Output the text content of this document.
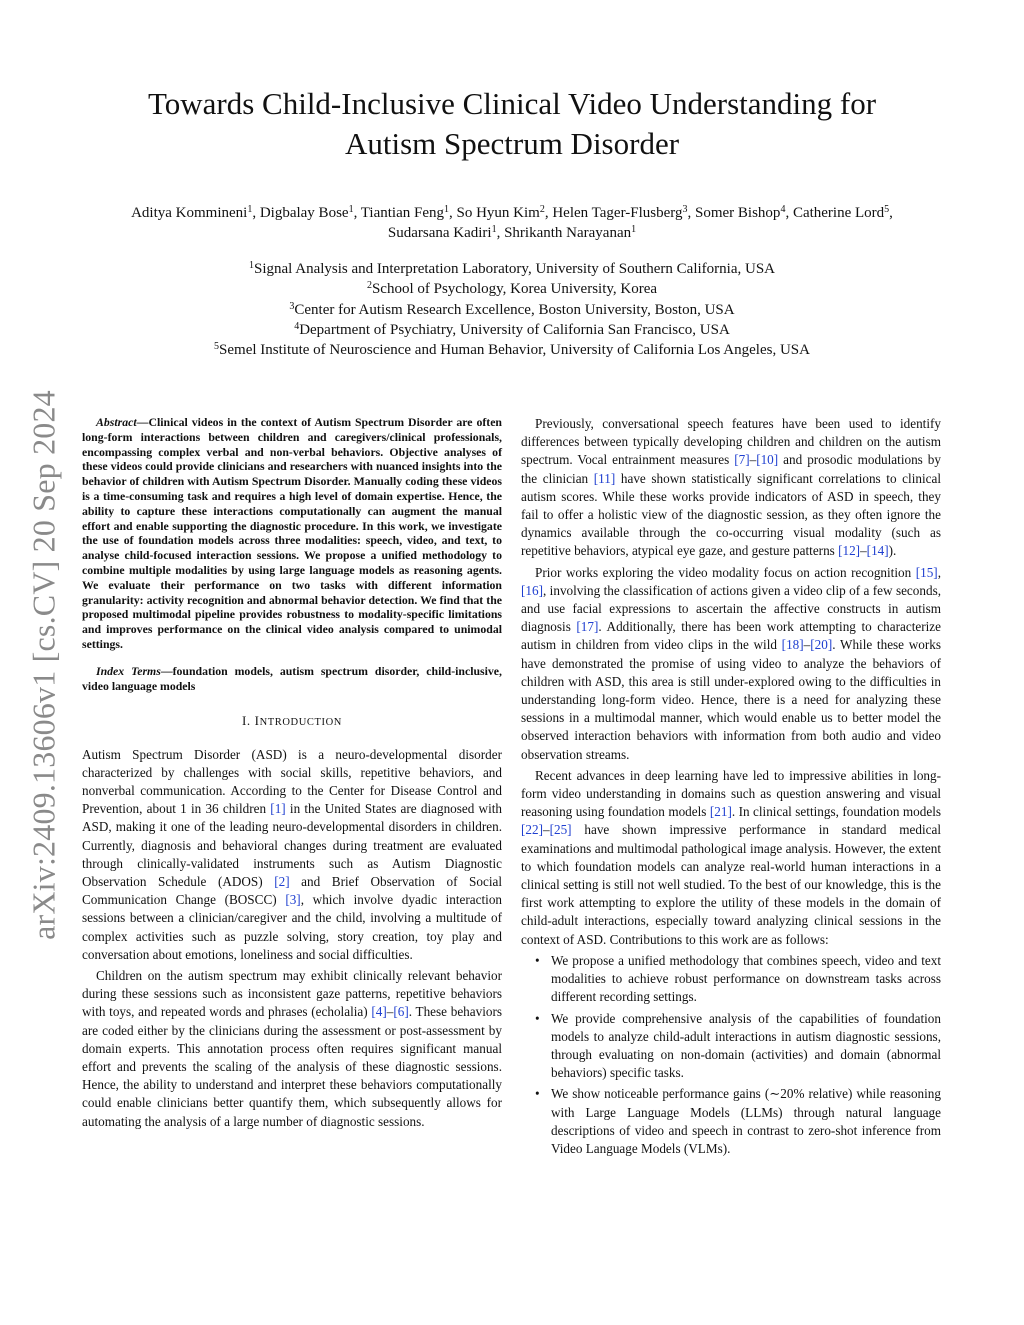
arXiv:2409.13606v1 [cs.CV] 20 Sep 2024
Towards Child-Inclusive Clinical Video Understanding for
Autism Spectrum Disorder
Aditya Kommineni$^1$, Digbalay Bose$^1$, Tiantian Feng$^1$, So Hyun Kim$^2$, Helen Tager-Flusberg$^3$, Somer Bishop$^4$, Catherine Lord$^5$,
Sudarsana Kadiri$^1$, Shrikanth Narayanan$^1$
$^1$Signal Analysis and Interpretation Laboratory, University of Southern California, USA
$^2$School of Psychology, Korea University, Korea
$^3$Center for Autism Research Excellence, Boston University, Boston, USA
$^4$Department of Psychiatry, University of California San Francisco, USA
$^5$Semel Institute of Neuroscience and Human Behavior, University of California Los Angeles, USA

Abstract—Clinical videos in the context of Autism Spectrum Disorder are often long-form interactions between children and caregivers/clinical professionals, encompassing complex verbal and non-verbal behaviors. Objective analyses of these videos could provide clinicians and researchers with nuanced insights into the behavior of children with Autism Spectrum Disorder. Manually coding these videos is a time-consuming task and requires a high level of domain expertise. Hence, the ability to capture these interactions computationally can augment the manual effort and enable supporting the diagnostic procedure. In this work, we investigate the use of foundation models across three modalities: speech, video, and text, to analyse child-focused interaction sessions. We propose a unified methodology to combine multiple modalities by using large language models as reasoning agents. We evaluate their performance on two tasks with different information granularity: activity recognition and abnormal behavior detection. We find that the proposed multimodal pipeline provides robustness to modality-specific limitations and improves performance on the clinical video analysis compared to unimodal settings.

Index Terms—foundation models, autism spectrum disorder, child-inclusive, video language models

I. INTRODUCTION

Autism Spectrum Disorder (ASD) is a neuro-developmental disorder characterized by challenges with social skills, repetitive behaviors, and nonverbal communication. According to the Center for Disease Control and Prevention, about 1 in 36 children [1] in the United States are diagnosed with ASD, making it one of the leading neuro-developmental disorders in children. Currently, diagnosis and behavioral changes during treatment are evaluated through clinically-validated instruments such as Autism Diagnostic Observation Schedule (ADOS) [2] and Brief Observation of Social Communication Change (BOSCC) [3], which involve dyadic interaction sessions between a clinician/caregiver and the child, involving a multitude of complex activities such as puzzle solving, story creation, toy play and conversation about emotions, loneliness and social difficulties.

Children on the autism spectrum may exhibit clinically relevant behavior during these sessions such as inconsistent gaze patterns, repetitive behaviors with toys, and repeated words and phrases (echolalia) [4]–[6]. These behaviors are coded either by the clinicians during the assessment or post-assessment by domain experts. This annotation process often requires significant manual effort and prevents the scaling of the analysis of these diagnostic sessions. Hence, the ability to understand and interpret these behaviors computationally could enable clinicians better quantify them, which subsequently allows for automating the analysis of a large number of diagnostic sessions.

Previously, conversational speech features have been used to identify differences between typically developing children and children on the autism spectrum. Vocal entrainment measures [7]–[10] and prosodic modulations by the clinician [11] have shown statistically significant correlations to clinical autism scores. While these works provide indicators of ASD in speech, they fail to offer a holistic view of the diagnostic session, as they often ignore the dynamics available through the co-occurring visual modality (such as repetitive behaviors, atypical eye gaze, and gesture patterns [12]–[14]).

Prior works exploring the video modality focus on action recognition [15], [16], involving the classification of actions given a video clip of a few seconds, and use facial expressions to ascertain the affective constructs in autism diagnosis [17]. Additionally, there has been work attempting to characterize autism in children from video clips in the wild [18]–[20]. While these works have demonstrated the promise of using video to analyze the behaviors of children with ASD, this area is still under-explored owing to the difficulties in understanding long-form video. Hence, there is a need for analyzing these sessions in a multimodal manner, which would enable us to better model the observed interaction behaviors with information from both audio and video observation streams.

Recent advances in deep learning have led to impressive abilities in long-form video understanding in domains such as question answering and visual reasoning using foundation models [21]. In clinical settings, foundation models [22]–[25] have shown impressive performance in standard medical examinations and multimodal pathological image analysis. However, the extent to which foundation models can analyze real-world human interactions in a clinical setting is still not well studied. To the best of our knowledge, this is the first work attempting to explore the utility of these models in the domain of child-adult interactions, especially toward analyzing clinical sessions in the context of ASD. Contributions to this work are as follows:

• We propose a unified methodology that combines speech, video and text modalities to achieve robust performance on downstream tasks across different recording settings.
• We provide comprehensive analysis of the capabilities of foundation models to analyze child-adult interactions in autism diagnostic sessions, through evaluating on non-domain (activities) and domain (abnormal behaviors) specific tasks.
• We show noticeable performance gains (∼20% relative) while reasoning with Large Language Models (LLMs) through natural language descriptions of video and speech in contrast to zero-shot inference from Video Language Models (VLMs).
